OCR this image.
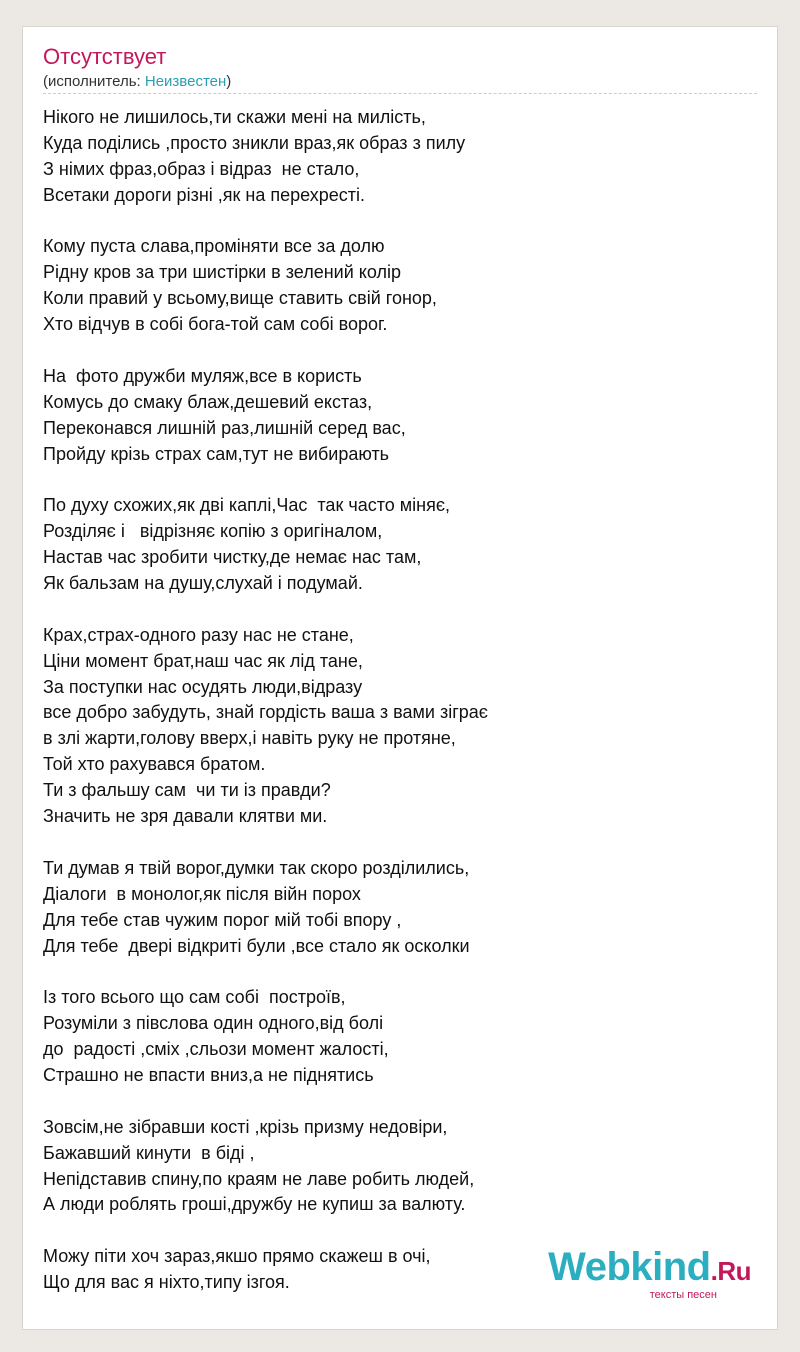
Отсутствует
(исполнитель: Неизвестен)
Нікого не лишилось,ти скажи мені на милість,
Куда поділись ,просто зникли враз,як образ з пилу
З німих фраз,образ і відраз  не стало,
Всетаки дороги різні ,як на перехресті.
Кому пуста слава,проміняти все за долю
Рідну кров за три шистірки в зелений колір
Коли правий у всьому,вище ставить свій гонор,
Хто відчув в собі бога-той сам собі ворог.
На  фото дружби муляж,все в користь
Комусь до смаку блаж,дешевий екстаз,
Переконався лишній раз,лишній серед вас,
Пройду крізь страх сам,тут не вибирають
По духу схожих,як дві каплі,Час  так часто міняє,
Розділяє і   відрізняє копію з оригіналом,
Настав час зробити чистку,де немає нас там,
Як бальзам на душу,слухай і подумай.
Крах,страх-одного разу нас не стане,
Ціни момент брат,наш час як лід тане,
За поступки нас осудять люди,відразу
все добро забудуть, знай гордість ваша з вами зіграє
в злі жарти,голову вверх,і навіть руку не протяне,
Той хто рахувався братом.
Ти з фальшу сам  чи ти із правди?
Значить не зря давали клятви ми.
Ти думав я твій ворог,думки так скоро розділились,
Діалоги  в монолог,як після війн порох
Для тебе став чужим порог мій тобі впору ,
Для тебе  двері відкриті були ,все стало як осколки
Із того всього що сам собі  построїв,
Розуміли з півслова один одного,від болі
до  радості ,сміх ,сльози момент жалості,
Страшно не впасти вниз,а не піднятись
Зовсім,не зібравши кості ,крізь призму недовіри,
Бажавший кинути  в біді ,
Непідставив спину,по краям не лаве робить людей,
А люди роблять гроші,дружбу не купиш за валюту.
Можу піти хоч зараз,якшо прямо скажеш в очі,
Що для вас я ніхто,типу ізгоя.	Webkind.Ru
тексты песен
